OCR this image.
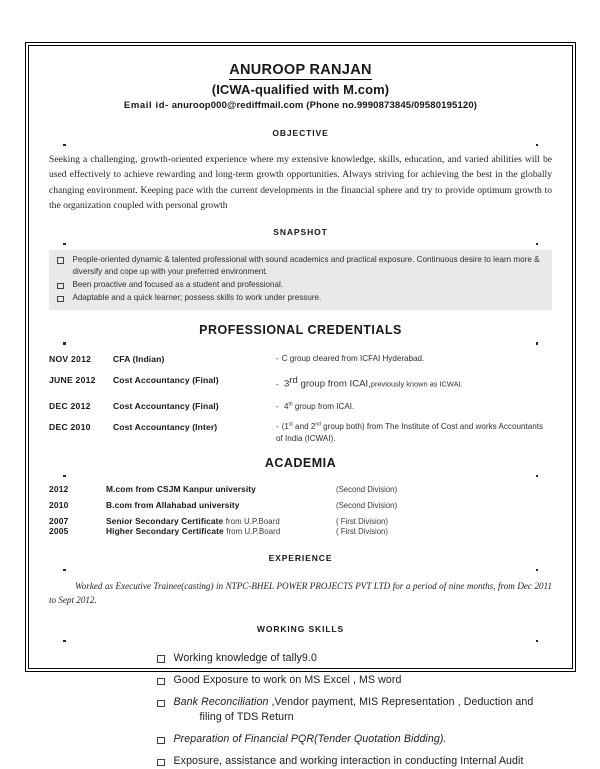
ANUROOP RANJAN
(ICWA-qualified with M.com)
Email id- anuroop000@rediffmail.com (Phone no.9990873845/09580195120)
OBJECTIVE
Seeking a challenging, growth-oriented experience where my extensive knowledge, skills, education, and varied abilities will be used effectively to achieve rewarding and long-term growth opportunities. Always striving for achieving the best in the globally changing environment. Keeping pace with the current developments in the financial sphere and try to provide optimum growth to the organization coupled with personal growth
SNAPSHOT
People-oriented dynamic & talented professional with sound academics and practical exposure. Continuous desire to learn more & diversify and cope up with your preferred environment.
Been proactive and focused as a student and professional.
Adaptable and a quick learner; possess skills to work under pressure.
PROFESSIONAL CREDENTIALS
NOV 2012	CFA (Indian)	- C group cleared from ICFAI Hyderabad.
JUNE 2012	Cost Accountancy (Final)	- 3rd group from ICAI,previously known as ICWAI.
DEC 2012	Cost Accountancy (Final)	- 4th group from ICAI.
DEC 2010	Cost Accountancy (Inter)	- (1st and 2nd group both) from The Institute of Cost and works Accountants of India (ICWAI).
ACADEMIA
2012	M.com from CSJM Kanpur university	(Second Division)
2010	B.com from Allahabad university	(Second Division)
2007	Senior Secondary Certificate from U.P.Board	( First Division)
2005	Higher Secondary Certificate from U.P.Board	( First Division)
EXPERIENCE
Worked as Executive Trainee(casting) in NTPC-BHEL POWER PROJECTS PVT LTD for a period of nine months, from Dec 2011 to Sept 2012.
WORKING SKILLS
Working knowledge of tally9.0
Good Exposure to work on MS Excel , MS word
Bank Reconciliation ,Vendor payment, MIS Representation , Deduction andfiling of TDS Return
Preparation of Financial PQR(Tender Quotation Bidding).
Exposure, assistance and working interaction in conducting Internal Audit
